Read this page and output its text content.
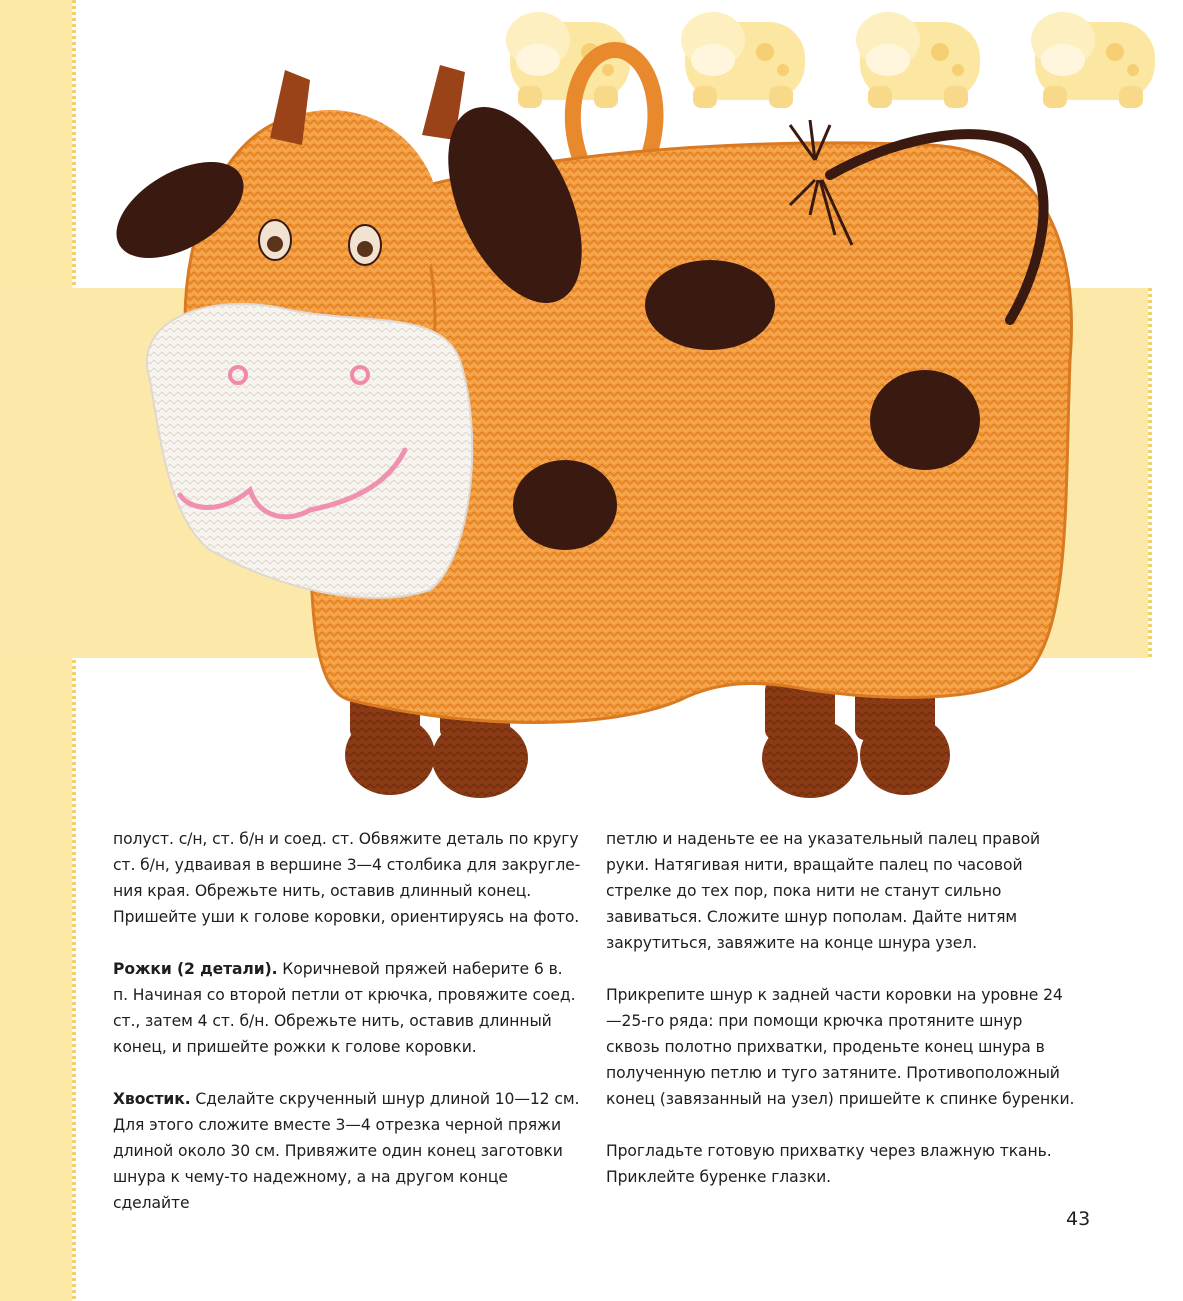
полуст. с/н, ст. б/н и соед. ст. Обвяжите деталь по кругу ст. б/н, удваивая в вершине 3—4 столбика для закругле-ния края. Обрежьте нить, оставив длинный конец. Пришейте уши к голове коровки, ориентируясь на фото.

Рожки (2 детали). Коричневой пряжей наберите 6 в. п. Начиная со второй петли от крючка, провяжите соед. ст., затем 4 ст. б/н. Обрежьте нить, оставив длинный конец, и пришейте рожки к голове коровки.

Хвостик. Сделайте скрученный шнур длиной 10—12 см. Для этого сложите вместе 3—4 отрезка черной пряжи длиной около 30 см. Привяжите один конец заготовки шнура к чему-то надежному, а на другом конце сделайте

петлю и наденьте ее на указательный палец правой руки. Натягивая нити, вращайте палец по часовой стрелке до тех пор, пока нити не станут сильно завиваться. Сложите шнур пополам. Дайте нитям закрутиться, завяжите на конце шнура узел.

Прикрепите шнур к задней части коровки на уровне 24—25-го ряда: при помощи крючка протяните шнур сквозь полотно прихватки, проденьте конец шнура в полученную петлю и туго затяните. Противоположный конец (завязанный на узел) пришейте к спинке буренки.

Прогладьте готовую прихватку через влажную ткань. Приклейте буренке глазки.

43
